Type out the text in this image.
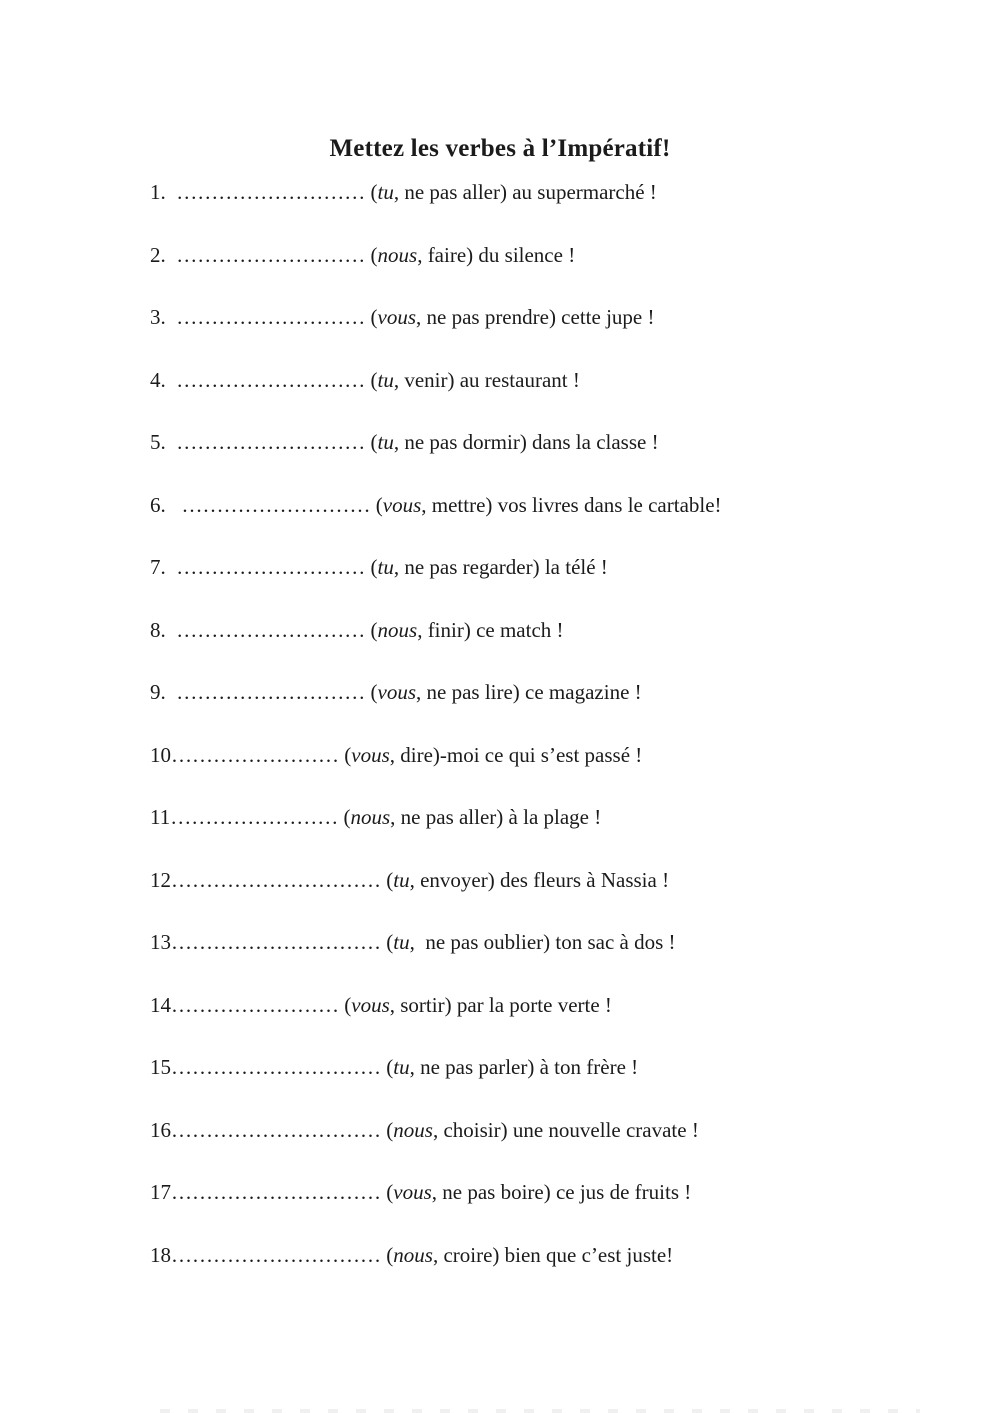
Mettez les verbes à l’Impératif!
1.  ……………………… (tu, ne pas aller) au supermarché !
2.  ……………………… (nous, faire) du silence !
3.  ……………………… (vous, ne pas prendre) cette jupe !
4.  ……………………… (tu, venir) au restaurant !
5.  ……………………… (tu, ne pas dormir) dans la classe !
6.   ……………………… (vous, mettre) vos livres dans le cartable!
7.  ……………………… (tu, ne pas regarder) la télé !
8.  ……………………… (nous, finir) ce match !
9.  ……………………… (vous, ne pas lire) ce magazine !
10…………………… (vous, dire)-moi ce qui s’est passé !
11…………………… (nous, ne pas aller) à la plage !
12………………………… (tu, envoyer) des fleurs à Nassia !
13………………………… (tu,  ne pas oublier) ton sac à dos !
14…………………… (vous, sortir) par la porte verte !
15………………………… (tu, ne pas parler) à ton frère !
16………………………… (nous, choisir) une nouvelle cravate !
17………………………… (vous, ne pas boire) ce jus de fruits !
18………………………… (nous, croire) bien que c’est juste!
